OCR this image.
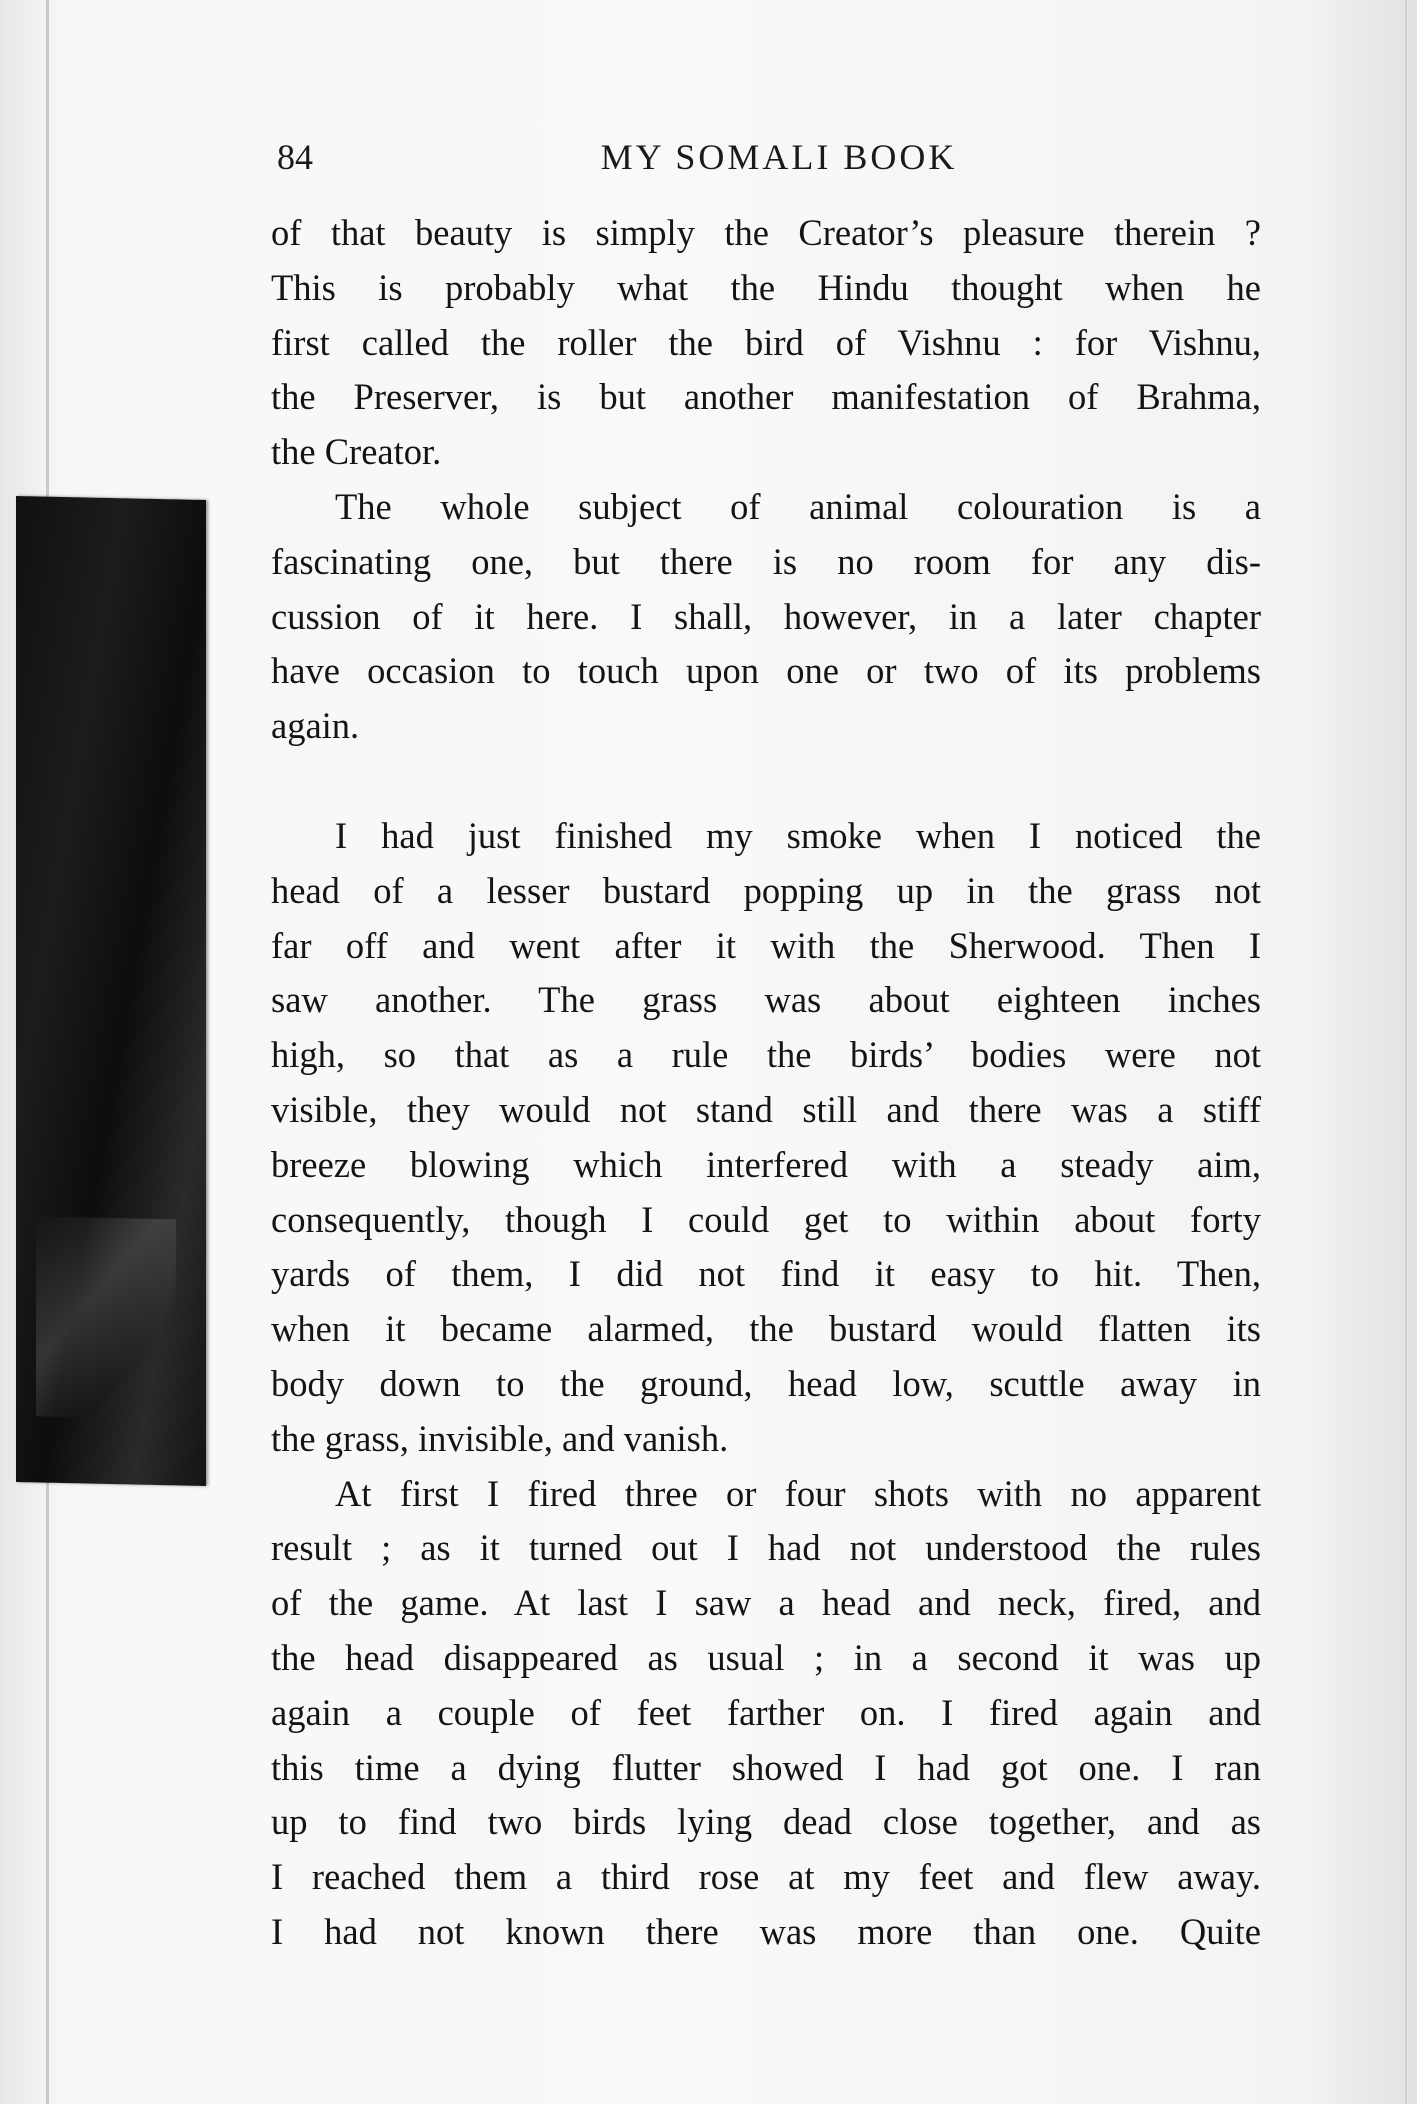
84	MY SOMALI BOOK

of that beauty is simply the Creator’s pleasure therein ?
This is probably what the Hindu thought when he
first called the roller the bird of Vishnu : for Vishnu,
the Preserver, is but another manifestation of Brahma,
the Creator.

The whole subject of animal colouration is a
fascinating one, but there is no room for any dis-
cussion of it here. I shall, however, in a later chapter
have occasion to touch upon one or two of its problems
again.

I had just finished my smoke when I noticed the
head of a lesser bustard popping up in the grass not
far off and went after it with the Sherwood. Then I
saw another. The grass was about eighteen inches
high, so that as a rule the birds’ bodies were not
visible, they would not stand still and there was a stiff
breeze blowing which interfered with a steady aim,
consequently, though I could get to within about forty
yards of them, I did not find it easy to hit. Then,
when it became alarmed, the bustard would flatten its
body down to the ground, head low, scuttle away in
the grass, invisible, and vanish.

At first I fired three or four shots with no apparent
result ; as it turned out I had not understood the rules
of the game. At last I saw a head and neck, fired, and
the head disappeared as usual ; in a second it was up
again a couple of feet farther on. I fired again and
this time a dying flutter showed I had got one. I ran
up to find two birds lying dead close together, and as
I reached them a third rose at my feet and flew away.
I had not known there was more than one. Quite
